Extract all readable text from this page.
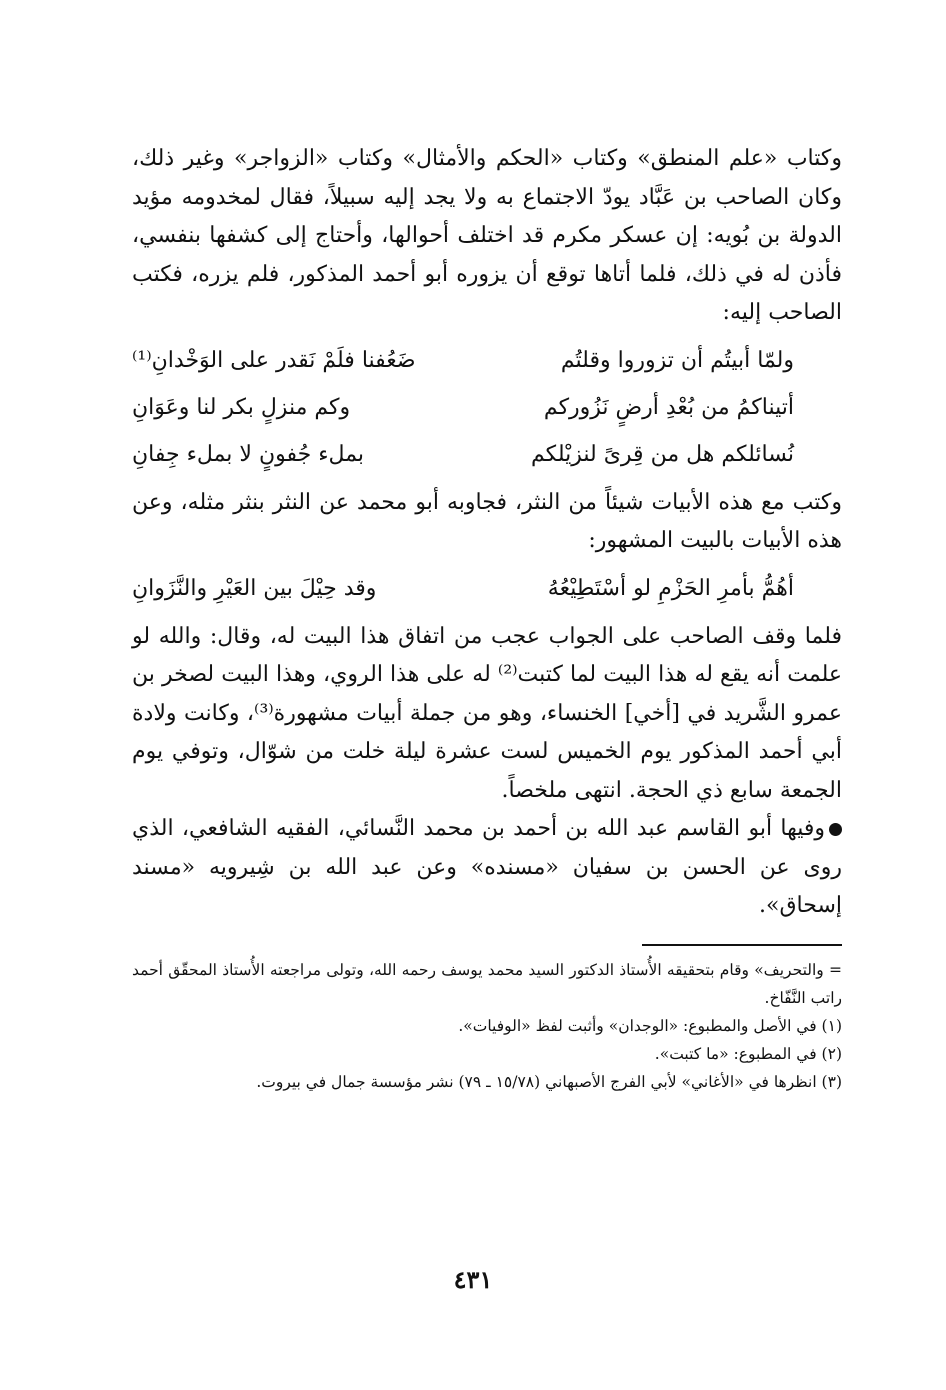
وكتاب «علم المنطق» وكتاب «الحكم والأمثال» وكتاب «الزواجر» وغير ذلك، وكان الصاحب بن عَبَّاد يودّ الاجتماع به ولا يجد إليه سبيلاً، فقال لمخدومه مؤيد الدولة بن بُويه: إن عسكر مكرم قد اختلف أحوالها، وأحتاج إلى كشفها بنفسي، فأذن له في ذلك، فلما أتاها توقع أن يزوره أبو أحمد المذكور، فلم يزره، فكتب الصاحب إليه:

ولمّا أبيتُم أن تزوروا وقلتُم
ضَعُفنا فلَمْ نَقدر على الوَخْدانِ⁽¹⁾
أتيناكمُ من بُعْدِ أرضٍ نَزُوركم
وكم منزلٍ بكر لنا وعَوَانِ
نُسائلكم هل من قِرىً لنزيْلكم
بملء جُفونٍ لا بملء جِفانِ

وكتب مع هذه الأبيات شيئاً من النثر، فجاوبه أبو محمد عن النثر بنثر مثله، وعن هذه الأبيات بالبيت المشهور:

أهُمُّ بأمرِ الحَزْمِ لو أسْتَطِيْعُهُ
وقد حِيْلَ بين العَيْرِ والنَّزَوانِ

فلما وقف الصاحب على الجواب عجب من اتفاق هذا البيت له، وقال: والله لو علمت أنه يقع له هذا البيت لما كتبت⁽²⁾ له على هذا الروي، وهذا البيت لصخر بن عمرو الشَّريد في [أخي] الخنساء، وهو من جملة أبيات مشهورة⁽³⁾، وكانت ولادة أبي أحمد المذكور يوم الخميس لست عشرة ليلة خلت من شوّال، وتوفي يوم الجمعة سابع ذي الحجة. انتهى ملخصاً.

وفيها أبو القاسم عبد الله بن أحمد بن محمد النَّسائي، الفقيه الشافعي، الذي روى عن الحسن بن سفيان «مسنده» وعن عبد الله بن شِيرويه «مسند إسحاق».

= والتحريف» وقام بتحقيقه الأُستاذ الدكتور السيد محمد يوسف رحمه الله، وتولى مراجعته الأُستاذ المحقّق أحمد راتب النَّفّاخ.

(١) في الأصل والمطبوع: «الوجدان» وأثبت لفظ «الوفيات».

(٢) في المطبوع: «ما كتبت».

(٣) انظرها في «الأغاني» لأبي الفرج الأصبهاني (١٥/٧٨ ـ ٧٩) نشر مؤسسة جمال في بيروت.

٤٣١
